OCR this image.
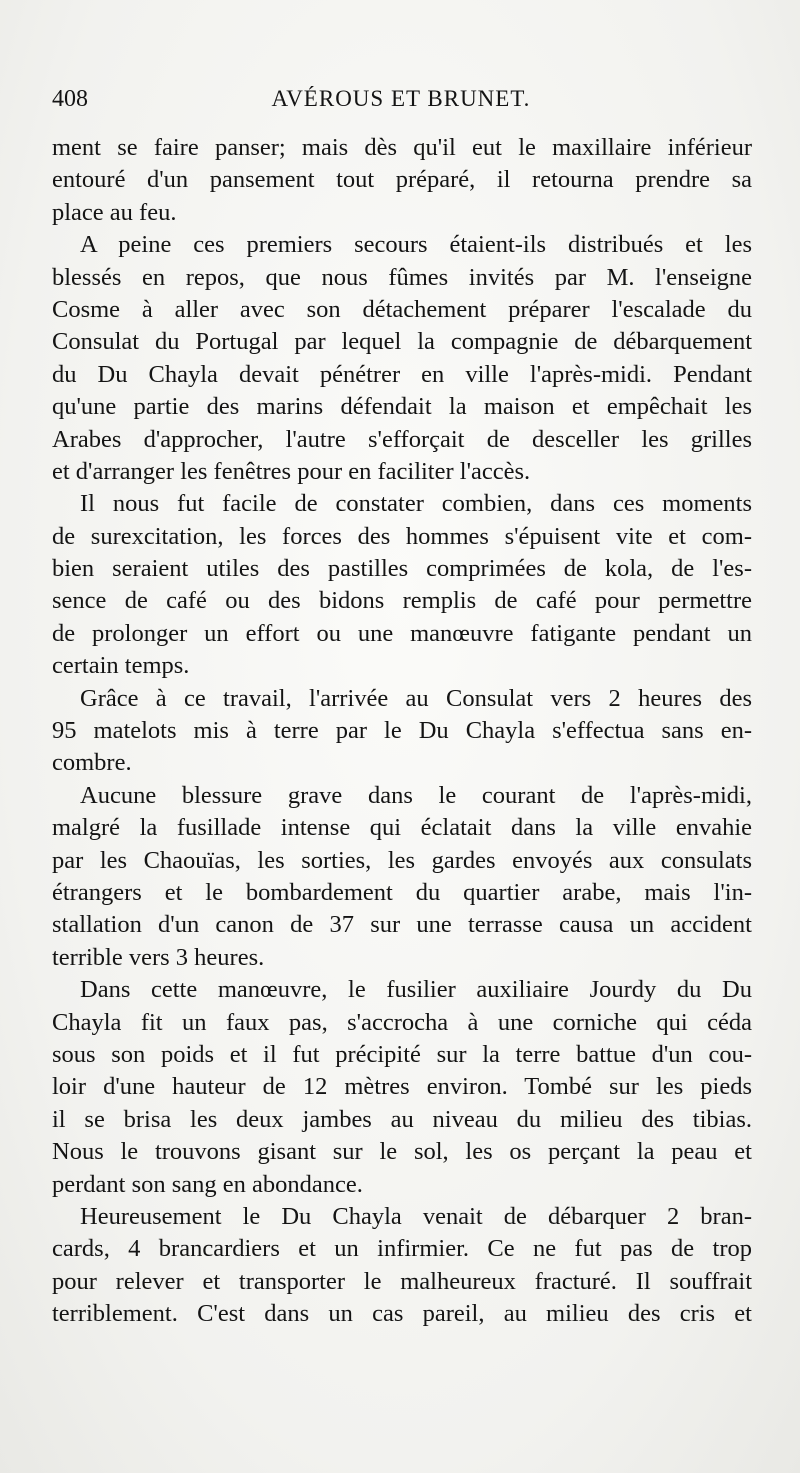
408	AVÉROUS ET BRUNET.
ment se faire panser; mais dès qu'il eut le maxillaire inférieur
entouré d'un pansement tout préparé, il retourna prendre sa
place au feu.
A peine ces premiers secours étaient-ils distribués et les
blessés en repos, que nous fûmes invités par M. l'enseigne
Cosme à aller avec son détachement préparer l'escalade du
Consulat du Portugal par lequel la compagnie de débarquement
du Du Chayla devait pénétrer en ville l'après-midi. Pendant
qu'une partie des marins défendait la maison et empêchait les
Arabes d'approcher, l'autre s'efforçait de desceller les grilles
et d'arranger les fenêtres pour en faciliter l'accès.
Il nous fut facile de constater combien, dans ces moments
de surexcitation, les forces des hommes s'épuisent vite et com-
bien seraient utiles des pastilles comprimées de kola, de l'es-
sence de café ou des bidons remplis de café pour permettre
de prolonger un effort ou une manœuvre fatigante pendant un
certain temps.
Grâce à ce travail, l'arrivée au Consulat vers 2 heures des
95 matelots mis à terre par le Du Chayla s'effectua sans en-
combre.
Aucune blessure grave dans le courant de l'après-midi,
malgré la fusillade intense qui éclatait dans la ville envahie
par les Chaouïas, les sorties, les gardes envoyés aux consulats
étrangers et le bombardement du quartier arabe, mais l'in-
stallation d'un canon de 37 sur une terrasse causa un accident
terrible vers 3 heures.
Dans cette manœuvre, le fusilier auxiliaire Jourdy du Du
Chayla fit un faux pas, s'accrocha à une corniche qui céda
sous son poids et il fut précipité sur la terre battue d'un cou-
loir d'une hauteur de 12 mètres environ. Tombé sur les pieds
il se brisa les deux jambes au niveau du milieu des tibias.
Nous le trouvons gisant sur le sol, les os perçant la peau et
perdant son sang en abondance.
Heureusement le Du Chayla venait de débarquer 2 bran-
cards, 4 brancardiers et un infirmier. Ce ne fut pas de trop
pour relever et transporter le malheureux fracturé. Il souffrait
terriblement. C'est dans un cas pareil, au milieu des cris et
